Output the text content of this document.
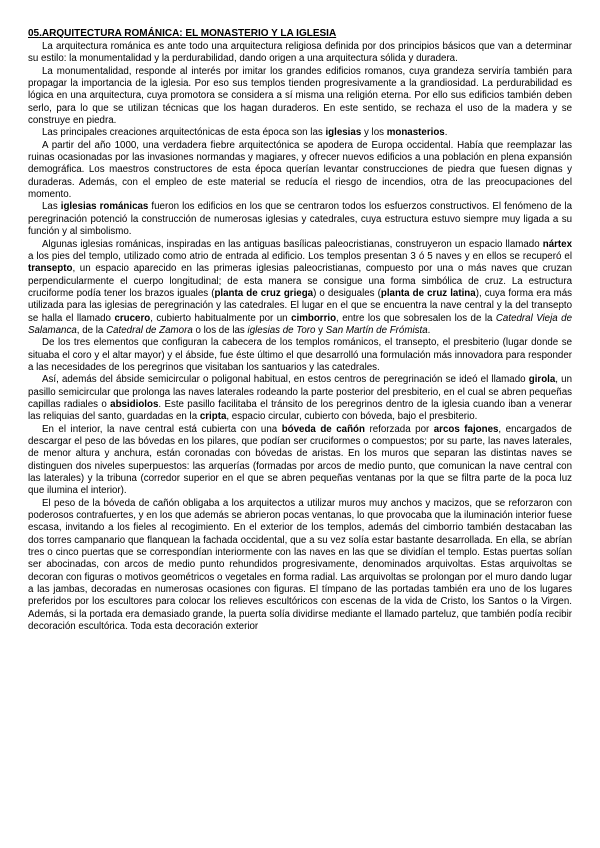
05.ARQUITECTURA ROMÁNICA: EL MONASTERIO Y LA IGLESIA

La arquitectura románica es ante todo una arquitectura religiosa definida por dos principios básicos que van a determinar su estilo: la monumentalidad y la perdurabilidad, dando origen a una arquitectura sólida y duradera.

La monumentalidad, responde al interés por imitar los grandes edificios romanos, cuya grandeza serviría también para propagar la importancia de la iglesia. Por eso sus templos tienden progresivamente a la grandiosidad. La perdurabilidad es lógica en una arquitectura, cuya promotora se considera a sí misma una religión eterna. Por ello sus edificios también deben serlo, para lo que se utilizan técnicas que los hagan duraderos. En este sentido, se rechaza el uso de la madera y se construye en piedra.

Las principales creaciones arquitectónicas de esta época son las iglesias y los monasterios.

A partir del año 1000, una verdadera fiebre arquitectónica se apodera de Europa occidental. Había que reemplazar las ruinas ocasionadas por las invasiones normandas y magiares, y ofrecer nuevos edificios a una población en plena expansión demográfica. Los maestros constructores de esta época querían levantar construcciones de piedra que fuesen dignas y duraderas. Además, con el empleo de este material se reducía el riesgo de incendios, otra de las preocupaciones del momento.

Las iglesias románicas fueron los edificios en los que se centraron todos los esfuerzos constructivos. El fenómeno de la peregrinación potenció la construcción de numerosas iglesias y catedrales, cuya estructura estuvo siempre muy ligada a su función y al simbolismo.

Algunas iglesias románicas, inspiradas en las antiguas basílicas paleocristianas, construyeron un espacio llamado nártex a los pies del templo, utilizado como atrio de entrada al edificio. Los templos presentan 3 ó 5 naves y en ellos se recuperó el transepto, un espacio aparecido en las primeras iglesias paleocristianas, compuesto por una o más naves que cruzan perpendicularmente el cuerpo longitudinal; de esta manera se consigue una forma simbólica de cruz. La estructura cruciforme podía tener los brazos iguales (planta de cruz griega) o desiguales (planta de cruz latina), cuya forma era más utilizada para las iglesias de peregrinación y las catedrales. El lugar en el que se encuentra la nave central y la del transepto se halla el llamado crucero, cubierto habitualmente por un cimborrio, entre los que sobresalen los de la Catedral Vieja de Salamanca, de la Catedral de Zamora o los de las iglesias de Toro y San Martín de Frómista.

De los tres elementos que configuran la cabecera de los templos románicos, el transepto, el presbiterio (lugar donde se situaba el coro y el altar mayor) y el ábside, fue éste último el que desarrolló una formulación más innovadora para responder a las necesidades de los peregrinos que visitaban los santuarios y las catedrales.

Así, además del ábside semicircular o poligonal habitual, en estos centros de peregrinación se ideó el llamado girola, un pasillo semicircular que prolonga las naves laterales rodeando la parte posterior del presbiterio, en el cual se abren pequeñas capillas radiales o absidiolos. Este pasillo facilitaba el tránsito de los peregrinos dentro de la iglesia cuando iban a venerar las reliquias del santo, guardadas en la cripta, espacio circular, cubierto con bóveda, bajo el presbiterio.

En el interior, la nave central está cubierta con una bóveda de cañón reforzada por arcos fajones, encargados de descargar el peso de las bóvedas en los pilares, que podían ser cruciformes o compuestos; por su parte, las naves laterales, de menor altura y anchura, están coronadas con bóvedas de aristas. En los muros que separan las distintas naves se distinguen dos niveles superpuestos: las arquerías (formadas por arcos de medio punto, que comunican la nave central con las laterales) y la tribuna (corredor superior en el que se abren pequeñas ventanas por la que se filtra parte de la poca luz que ilumina el interior).

El peso de la bóveda de cañón obligaba a los arquitectos a utilizar muros muy anchos y macizos, que se reforzaron con poderosos contrafuertes, y en los que además se abrieron pocas ventanas, lo que provocaba que la iluminación interior fuese escasa, invitando a los fieles al recogimiento. En el exterior de los templos, además del cimborrio también destacaban las dos torres campanario que flanquean la fachada occidental, que a su vez solía estar bastante desarrollada. En ella, se abrían tres o cinco puertas que se correspondían interiormente con las naves en las que se dividían el templo. Estas puertas solían ser abocinadas, con arcos de medio punto rehundidos progresivamente, denominados arquivoltas. Estas arquivoltas se decoran con figuras o motivos geométricos o vegetales en forma radial. Las arquivoltas se prolongan por el muro dando lugar a las jambas, decoradas en numerosas ocasiones con figuras. El tímpano de las portadas también era uno de los lugares preferidos por los escultores para colocar los relieves escultóricos con escenas de la vida de Cristo, los Santos o la Virgen. Además, si la portada era demasiado grande, la puerta solía dividirse mediante el llamado parteluz, que también podía recibir decoración escultórica. Toda esta decoración exterior
